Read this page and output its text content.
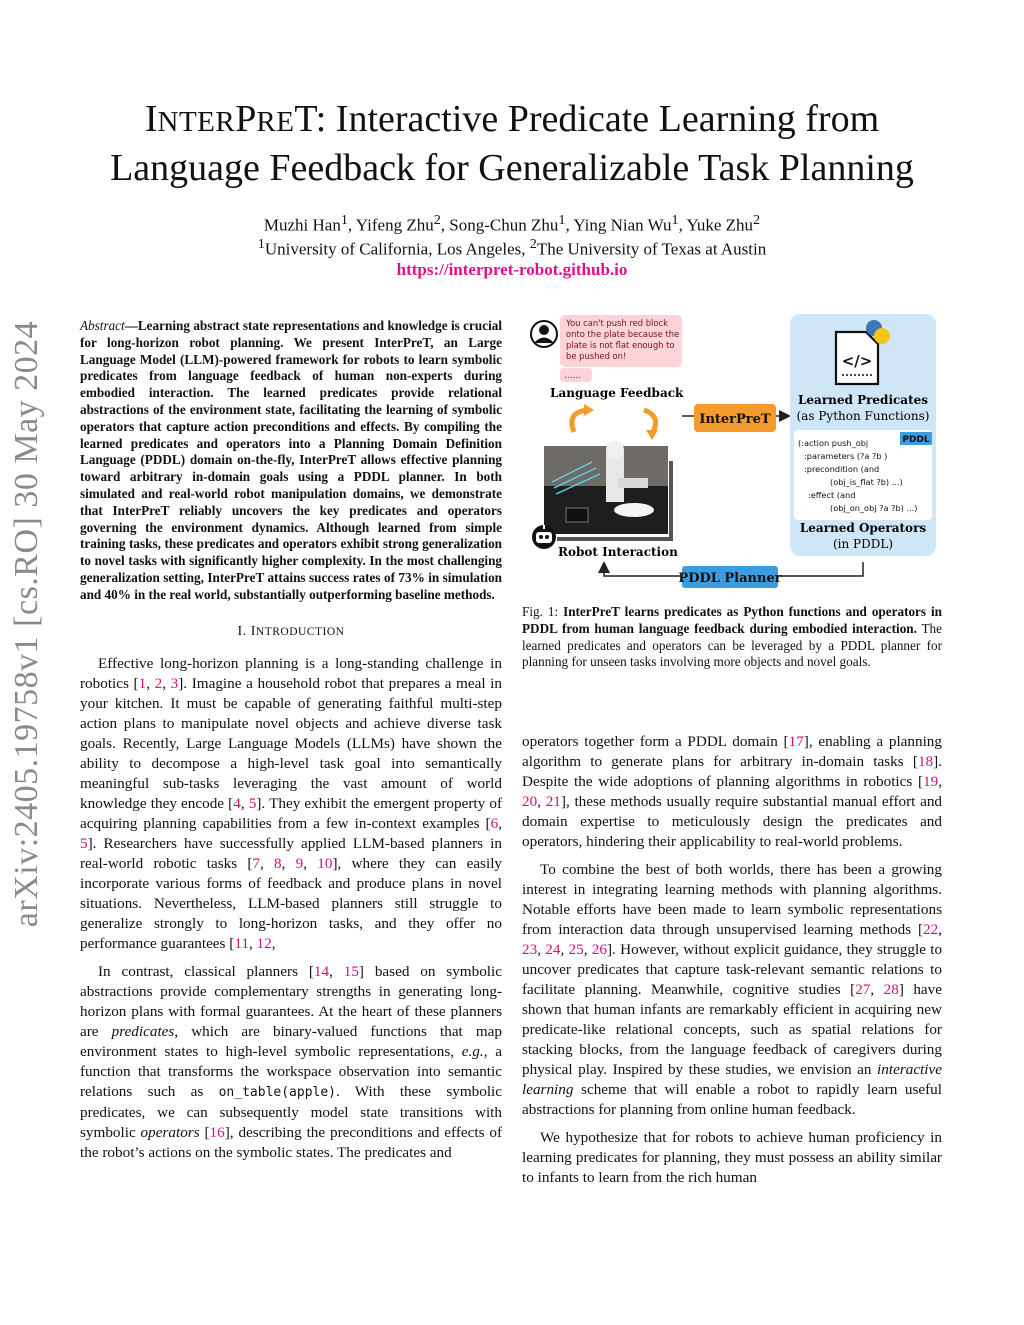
arXiv:2405.19758v1 [cs.RO] 30 May 2024
INTERPRET: Interactive Predicate Learning from
Language Feedback for Generalizable Task Planning
Muzhi Han$^1$, Yifeng Zhu$^2$, Song-Chun Zhu$^1$, Ying Nian Wu$^1$, Yuke Zhu$^2$
$^1$University of California, Los Angeles, $^2$The University of Texas at Austin
https://interpret-robot.github.io
Abstract—Learning abstract state representations and knowledge is crucial for long-horizon robot planning. We present InterPreT, an Large Language Model (LLM)-powered framework for robots to learn symbolic predicates from language feedback of human non-experts during embodied interaction. The learned predicates provide relational abstractions of the environment state, facilitating the learning of symbolic operators that capture action preconditions and effects. By compiling the learned predicates and operators into a Planning Domain Definition Language (PDDL) domain on-the-fly, InterPreT allows effective planning toward arbitrary in-domain goals using a PDDL planner. In both simulated and real-world robot manipulation domains, we demonstrate that InterPreT reliably uncovers the key predicates and operators governing the environment dynamics. Although learned from simple training tasks, these predicates and operators exhibit strong generalization to novel tasks with significantly higher complexity. In the most challenging generalization setting, InterPreT attains success rates of 73% in simulation and 40% in the real world, substantially outperforming baseline methods.
I. INTRODUCTION

Effective long-horizon planning is a long-standing challenge in robotics [1, 2, 3]. Imagine a household robot that prepares a meal in your kitchen. It must be capable of generating faithful multi-step action plans to manipulate novel objects and achieve diverse task goals. Recently, Large Language Models (LLMs) have shown the ability to decompose a high-level task goal into semantically meaningful sub-tasks leveraging the vast amount of world knowledge they encode [4, 5]. They exhibit the emergent property of acquiring planning capabilities from a few in-context examples [6, 5]. Researchers have successfully applied LLM-based planners in real-world robotic tasks [7, 8, 9, 10], where they can easily incorporate various forms of feedback and produce plans in novel situations. Nevertheless, LLM-based planners still struggle to generalize strongly to long-horizon tasks, and they offer no performance guarantees [11, 12,

In contrast, classical planners [14, 15] based on symbolic abstractions provide complementary strengths in generating long-horizon plans with formal guarantees. At the heart of these planners are predicates, which are binary-valued functions that map environment states to high-level symbolic representations, e.g., a function that transforms the workspace observation into semantic relations such as on_table(apple). With these symbolic predicates, we can subsequently model state transitions with symbolic operators [16], describing the preconditions and effects of the robot’s actions on the symbolic states. The predicates and

You can't push red block onto the plate because the plate is not flat enough to be pushed on!
......
Language Feedback
Robot Interaction
InterPreT
</>
Learned Predicates
(as Python Functions)
PDDL
(:action push_obj :parameters (?a ?b ) :precondition (and (obj_is_flat ?b) ...) :effect (and (obj_on_obj ?a ?b) ...)
Learned Operators
(in PDDL)
PDDL Planner
Fig. 1: InterPreT learns predicates as Python functions and operators in PDDL from human language feedback during embodied interaction. The learned predicates and operators can be leveraged by a PDDL planner for planning for unseen tasks involving more objects and novel goals.

operators together form a PDDL domain [17], enabling a planning algorithm to generate plans for arbitrary in-domain tasks [18]. Despite the wide adoptions of planning algorithms in robotics [19, 20, 21], these methods usually require substantial manual effort and domain expertise to meticulously design the predicates and operators, hindering their applicability to real-world problems.

To combine the best of both worlds, there has been a growing interest in integrating learning methods with planning algorithms. Notable efforts have been made to learn symbolic representations from interaction data through unsupervised learning methods [22, 23, 24, 25, 26]. However, without explicit guidance, they struggle to uncover predicates that capture task-relevant semantic relations to facilitate planning. Meanwhile, cognitive studies [27, 28] have shown that human infants are remarkably efficient in acquiring new predicate-like relational concepts, such as spatial relations for stacking blocks, from the language feedback of caregivers during physical play. Inspired by these studies, we envision an interactive learning scheme that will enable a robot to rapidly learn useful abstractions for planning from online human feedback.

We hypothesize that for robots to achieve human proficiency in learning predicates for planning, they must possess an ability similar to infants to learn from the rich human
